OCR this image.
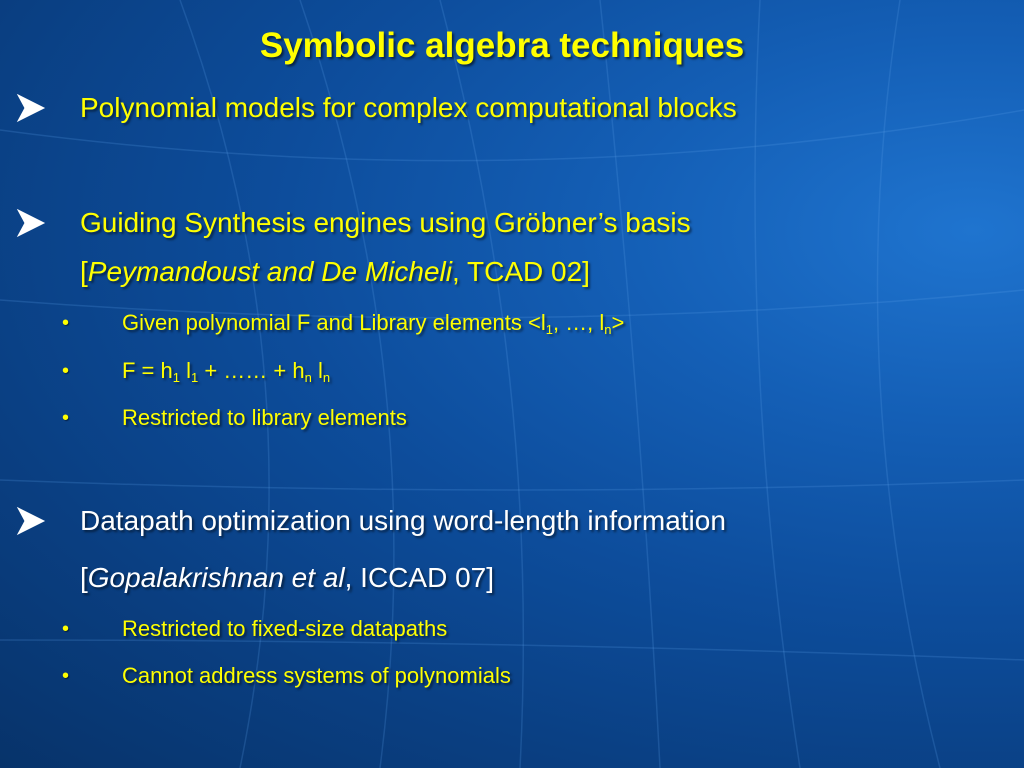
Symbolic algebra techniques
Polynomial models for complex computational blocks
Guiding Synthesis engines using Gröbner’s basis
[Peymandoust and De Micheli, TCAD 02]
• Given polynomial F and Library elements $<l_1$, …, $l_n>$
• $F = h_1$ $l_1$ + …… + $h_n$ $l_n$
• Restricted to library elements
Datapath optimization using word-length information
[Gopalakrishnan et al, ICCAD 07]
• Restricted to fixed-size datapaths
• Cannot address systems of polynomials
